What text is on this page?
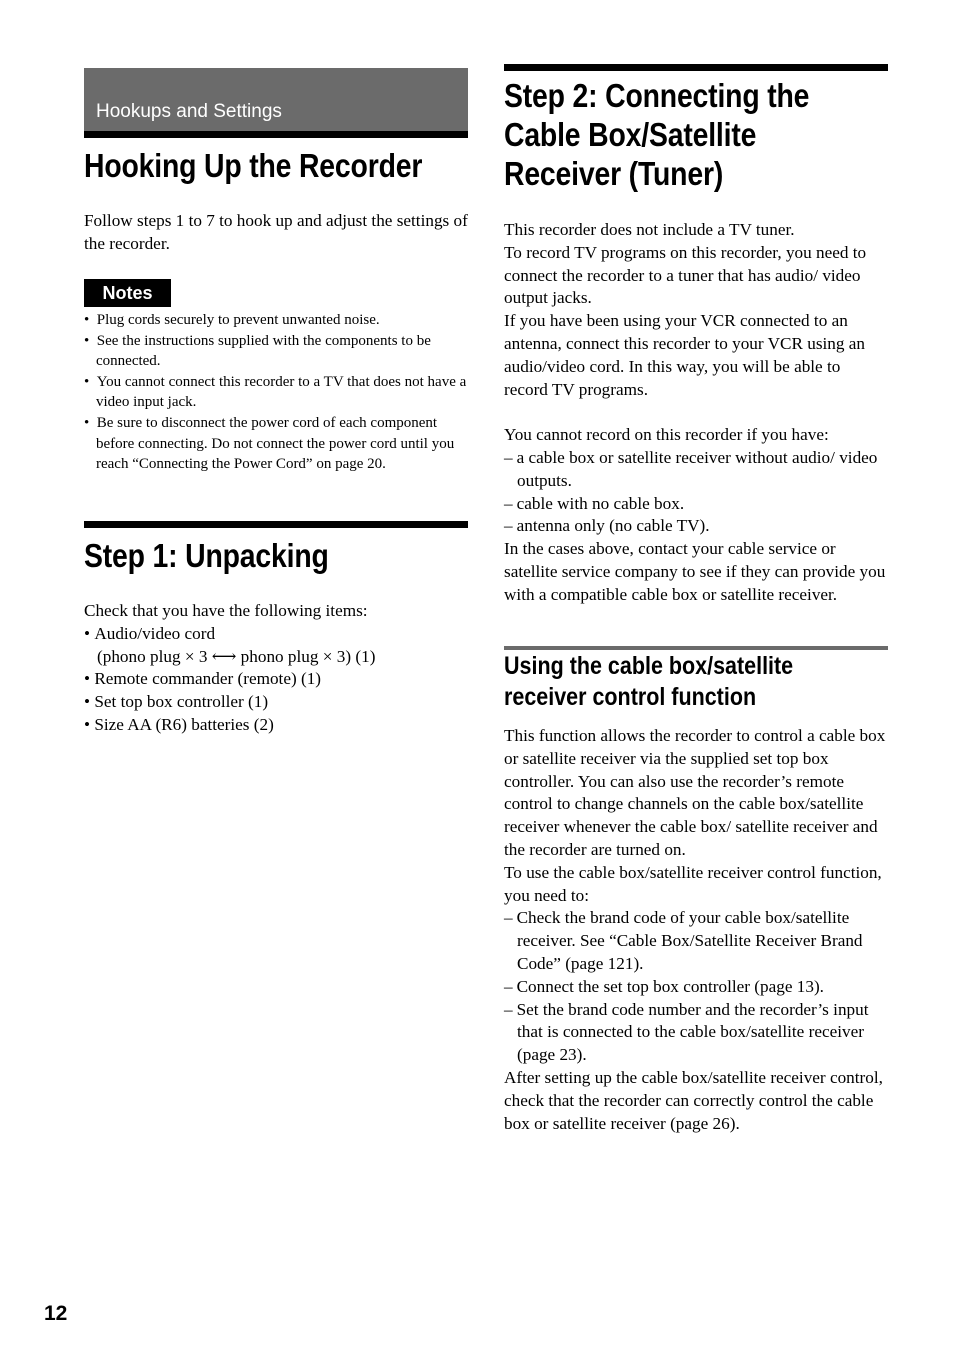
Hookups and Settings
Hooking Up the Recorder

Follow steps 1 to 7 to hook up and adjust the settings of the recorder.

Notes
•  Plug cords securely to prevent unwanted noise.
•  See the instructions supplied with the components to be connected.
•  You cannot connect this recorder to a TV that does not have a video input jack.
•  Be sure to disconnect the power cord of each component before connecting. Do not connect the power cord until you reach “Connecting the Power Cord” on page 20.
Step 1: Unpacking

Check that you have the following items:

• Audio/video cord
(phono plug × 3 ⟷ phono plug × 3) (1)
• Remote commander (remote) (1)
• Set top box controller (1)
• Size AA (R6) batteries (2)
Step 2: Connecting the
Cable Box/Satellite
Receiver (Tuner)

This recorder does not include a TV tuner.

To record TV programs on this recorder, you need to connect the recorder to a tuner that has audio/ video output jacks.

If you have been using your VCR connected to an antenna, connect this recorder to your VCR using an audio/video cord. In this way, you will be able to record TV programs.

You cannot record on this recorder if you have:

– a cable box or satellite receiver without audio/ video outputs.

– cable with no cable box.

– antenna only (no cable TV).

In the cases above, contact your cable service or satellite service company to see if they can provide you with a compatible cable box or satellite receiver.

Using the cable box/satellite
receiver control function

This function allows the recorder to control a cable box or satellite receiver via the supplied set top box controller. You can also use the recorder’s remote control to change channels on the cable box/satellite receiver whenever the cable box/ satellite receiver and the recorder are turned on.

To use the cable box/satellite receiver control function, you need to:

– Check the brand code of your cable box/satellite receiver. See “Cable Box/Satellite Receiver Brand Code” (page 121).

– Connect the set top box controller (page 13).

– Set the brand code number and the recorder’s input that is connected to the cable box/satellite receiver (page 23).

After setting up the cable box/satellite receiver control, check that the recorder can correctly control the cable box or satellite receiver (page 26).

12
